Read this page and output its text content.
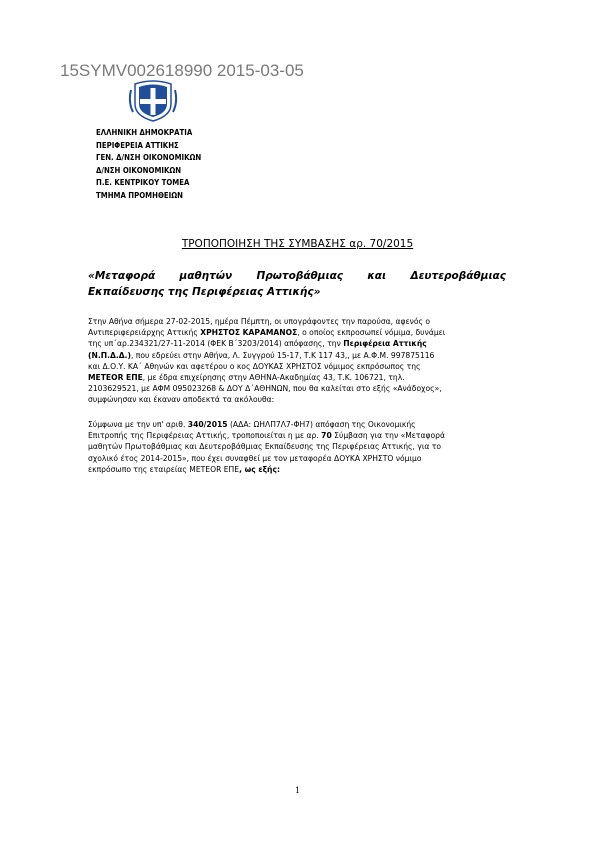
15SYMV002618990 2015-03-05
ΕΛΛΗΝΙΚΗ ΔΗΜΟΚΡΑΤΙΑ
ΠΕΡΙΦΕΡΕΙΑ ΑΤΤΙΚΗΣ
ΓΕΝ. Δ/ΝΣΗ ΟΙΚΟΝΟΜΙΚΩΝ
Δ/ΝΣΗ ΟΙΚΟΝΟΜΙΚΩΝ
Π.Ε. ΚΕΝΤΡΙΚΟΥ ΤΟΜΕΑ
ΤΜΗΜΑ ΠΡΟΜΗΘΕΙΩΝ
ΤΡΟΠΟΠΟΙΗΣΗ ΤΗΣ ΣΥΜΒΑΣΗΣ αρ. 70/2015
«Μεταφορά μαθητών Πρωτοβάθμιας και Δευτεροβάθμιας
Εκπαίδευσης της Περιφέρειας Αττικής»
Στην Αθήνα σήμερα 27-02-2015, ημέρα Πέμπτη, οι υπογράφοντες την παρούσα, αφενός ο
Αντιπεριφερειάρχης Αττικής ΧΡΗΣΤΟΣ ΚΑΡΑΜΑΝΟΣ, ο οποίος εκπροσωπεί νόμιμα, δυνάμει
της υπ΄αρ.234321/27-11-2014 (ΦΕΚ Β΄3203/2014) απόφασης, την Περιφέρεια Αττικής
(Ν.Π.Δ.Δ.), που εδρεύει στην Αθήνα, Λ. Συγγρού 15-17, Τ.Κ 117 43,, με Α.Φ.Μ. 997875116
και Δ.Ο.Υ. ΚΑ΄ Αθηνών και αφετέρου ο κος ΔΟΥΚΑΣ ΧΡΗΣΤΟΣ νόμιμος εκπρόσωπος της
METEOR ΕΠΕ, με έδρα επιχείρησης στην ΑΘΗΝΑ-Ακαδημίας 43, Τ.Κ. 106721, τηλ.
2103629521, με ΑΦΜ 095023268 & ΔΟΥ Δ΄ΑΘΗΝΩΝ, που θα καλείται στο εξής «Ανάδοχος»,
συμφώνησαν και έκαναν αποδεκτά τα ακόλουθα:
Σύμφωνα με την υπ' αριθ. 340/2015 (ΑΔΑ: ΩΗΛΠ7Λ7-ΦΗ7) απόφαση της Οικονομικής
Επιτροπής της Περιφέρειας Αττικής, τροποποιείται η με αρ. 70 Σύμβαση για την «Μεταφορά
μαθητών Πρωτοβάθμιας και Δευτεροβάθμιας Εκπαίδευσης της Περιφέρειας Αττικής, για το
σχολικό έτος 2014-2015», που έχει συναφθεί με τον μεταφορέα ΔΟΥΚΑ ΧΡΗΣΤΟ νόμιμο
εκπρόσωπο της εταιρείας METEOR ΕΠΕ, ως εξής:
1
